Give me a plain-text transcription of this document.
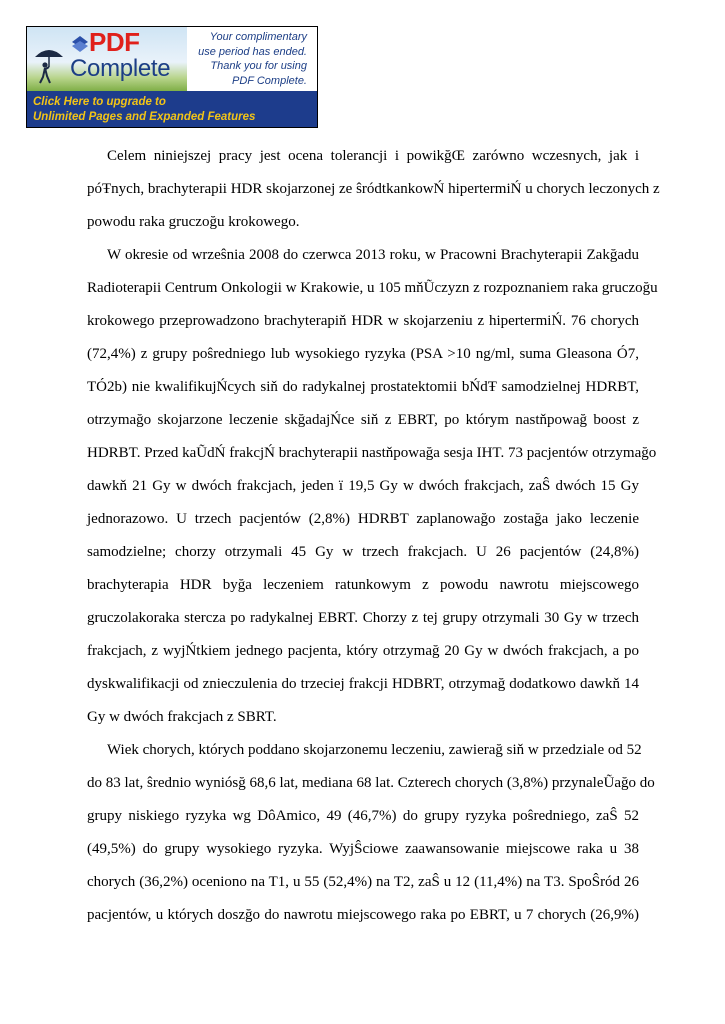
PDF
Complete
Your complimentary
use period has ended.
Thank you for using
PDF Complete.
Click Here to upgrade to
Unlimited Pages and Expanded Features
Celem niniejszej pracy jest ocena tolerancji i powikğŒ zarówno wczesnych, jak i
póŦnych, brachyterapii HDR skojarzonej ze ŝródtkankowŃ hipertermiŃ u chorych leczonych z
powodu raka gruczoğu krokowego.
W okresie od wrzeŝnia 2008 do czerwca 2013 roku, w Pracowni Brachyterapii Zakğadu
Radioterapii Centrum Onkologii w Krakowie, u 105 mňŨczyzn z rozpoznaniem raka gruczoğu
krokowego przeprowadzono brachyterapiň HDR w skojarzeniu z hipertermiŃ. 76 chorych
(72,4%) z grupy poŝredniego lub wysokiego ryzyka (PSA >10 ng/ml, suma Gleasona Ó7,
TÓ2b) nie kwalifikujŃcych siň do radykalnej prostatektomii bŃdŦ samodzielnej HDRBT,
otrzymağo skojarzone leczenie skğadajŃce siň z EBRT, po którym nastňpowağ boost z
HDRBT. Przed kaŨdŃ frakcjŃ brachyterapii nastňpowağa sesja IHT. 73 pacjentów otrzymağo
dawkň 21 Gy w dwóch frakcjach, jeden ï 19,5 Gy w dwóch frakcjach, zaŜ dwóch 15 Gy
jednorazowo. U trzech pacjentów (2,8%) HDRBT zaplanowağo zostağa jako leczenie
samodzielne; chorzy otrzymali 45 Gy w trzech frakcjach. U 26 pacjentów (24,8%)
brachyterapia HDR byğa leczeniem ratunkowym z powodu nawrotu miejscowego
gruczolakoraka stercza po radykalnej EBRT. Chorzy z tej grupy otrzymali 30 Gy w trzech
frakcjach, z wyjŃtkiem jednego pacjenta, który otrzymağ 20 Gy w dwóch frakcjach, a po
dyskwalifikacji od znieczulenia do trzeciej frakcji HDBRT, otrzymağ dodatkowo dawkň 14
Gy w dwóch frakcjach z SBRT.
Wiek chorych, których poddano skojarzonemu leczeniu, zawierağ siň w przedziale od 52
do 83 lat, ŝrednio wyniósğ 68,6 lat, mediana 68 lat. Czterech chorych (3,8%) przynaleŨağo do
grupy niskiego ryzyka wg DôAmico, 49 (46,7%) do grupy ryzyka poŝredniego, zaŜ 52
(49,5%) do grupy wysokiego ryzyka. WyjŜciowe zaawansowanie miejscowe raka u 38
chorych (36,2%) oceniono na T1, u 55 (52,4%) na T2, zaŜ u 12 (11,4%) na T3. SpoŜród 26
pacjentów, u których doszğo do nawrotu miejscowego raka po EBRT, u 7 chorych (26,9%)
